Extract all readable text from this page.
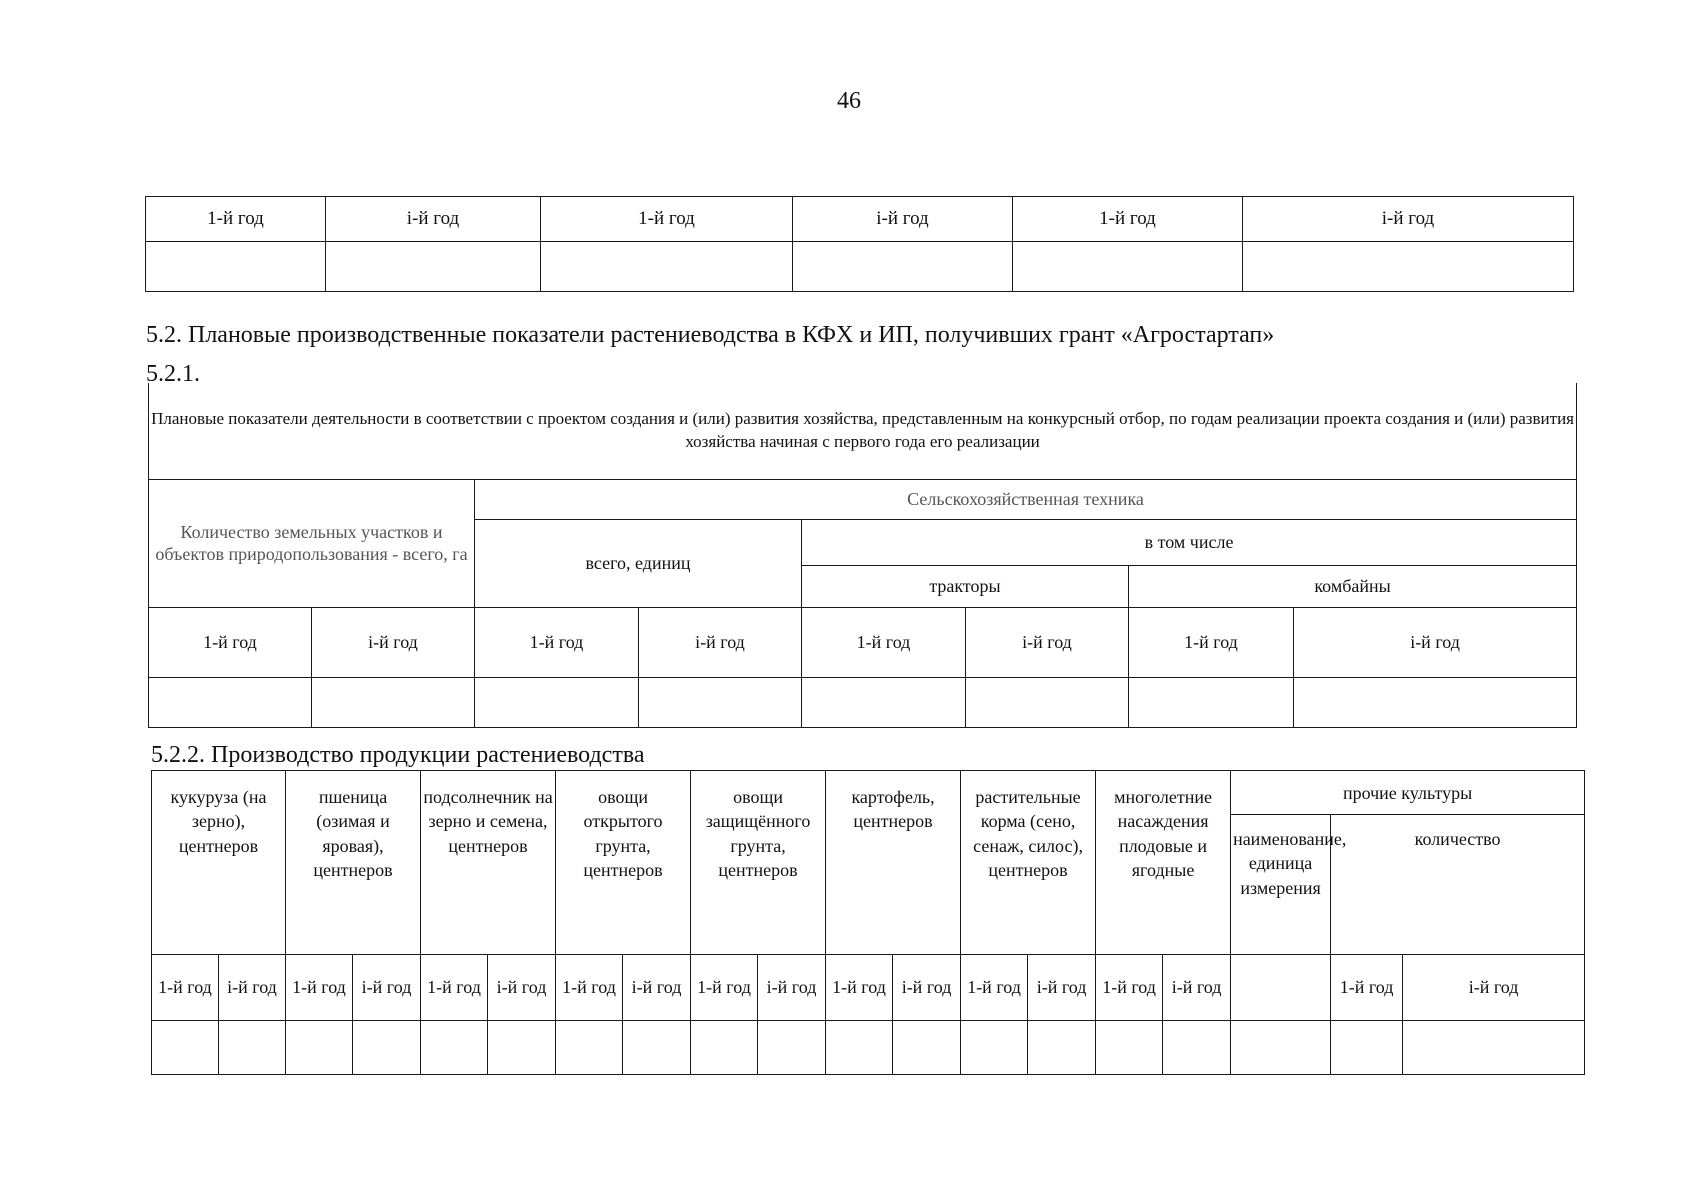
46
1-й год	i-й год	1-й год	i-й год	1-й год	i-й год

5.2. Плановые производственные показатели растениеводства в КФХ и ИП, получивших грант «Агростартап»
5.2.1.
Плановые показатели деятельности в соответствии с проектом создания и (или) развития хозяйства, представленным на конкурсный отбор, по годам реализации проекта создания и (или) развития хозяйства начиная с первого года его реализации							
Количество земельных участков и объектов природопользования - всего, га		Сельскохозяйственная техника					
		всего, единиц		в том числе			
				тракторы		комбайны	
1-й год	i-й год	1-й год	i-й год	1-й год	i-й год	1-й год	i-й год

5.2.2. Производство продукции растениеводства
кукуруза (на зерно), центнеров		пшеница (озимая и яровая), центнеров		подсолнечник на зерно и семена, центнеров		овощи открытого грунта, центнеров		овощи защищённого грунта, центнеров		картофель, центнеров		растительные корма (сено, сенаж, силос), центнеров		многолетние насаждения плодовые и ягодные		прочие культуры		
																наименование, единица измерения	количество	

1-й год	i-й год	1-й год	i-й год	1-й год	i-й год	1-й год	i-й год	1-й год	i-й год	1-й год	i-й год	1-й год	i-й год	1-й год	i-й год		1-й год	i-й год
